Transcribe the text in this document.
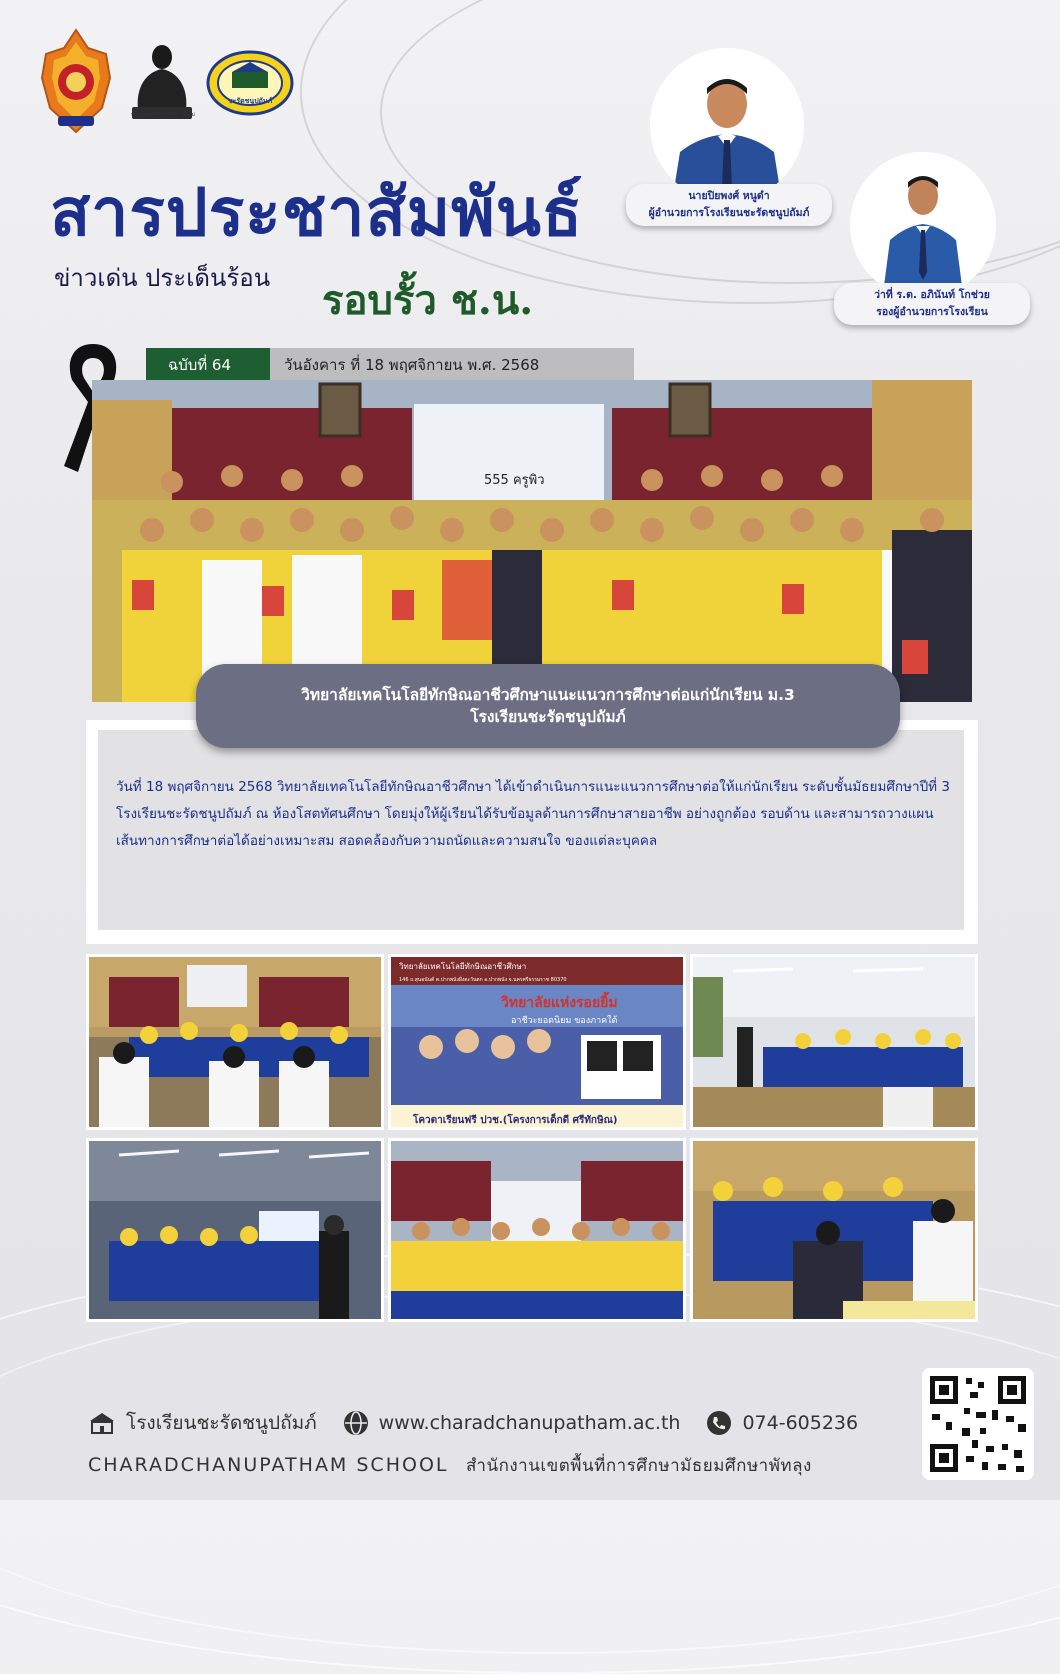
หลวงพ่อสูงสุด ชนะอนุ วัดใหม่
ชะรัดชนูปถัมภ์
สารประชาสัมพันธ์
ข่าวเด่น ประเด็นร้อน รอบรั้ว ช.น.
นายปิยพงศ์ หนูดำ
ผู้อำนวยการโรงเรียนชะรัดชนูปถัมภ์
ว่าที่ ร.ต. อภินันท์ โกช่วย
รองผู้อำนวยการโรงเรียน
ฉบับที่ 64	วันอังคาร ที่ 18 พฤศจิกายน พ.ศ. 2568
555 ครูพิว
วันที่ 18 พฤศจิกายน 2568 วิทยาลัยเทคโนโลยีทักษิณอาชีวศึกษา ได้เข้าดำเนินการแนะแนวการศึกษาต่อให้แก่นักเรียน ระดับชั้นมัธยมศึกษาปีที่ 3 โรงเรียนชะรัดชนูปถัมภ์ ณ ห้องโสตทัศนศึกษา โดยมุ่งให้ผู้เรียนได้รับข้อมูลด้านการศึกษาสายอาชีพ อย่างถูกต้อง รอบด้าน และสามารถวางแผนเส้นทางการศึกษาต่อได้อย่างเหมาะสม สอดคล้องกับความถนัดและความสนใจ ของแต่ละบุคคล
วิทยาลัยเทคโนโลยีทักษิณอาชีวศึกษาแนะแนวการศึกษาต่อแก่นักเรียน ม.3
โรงเรียนชะรัดชนูปถัมภ์
วิทยาลัยเทคโนโลยีทักษิณอาชีวศึกษา
146 ถ.สุนอนันต์ ต.ปากพนังฝั่งตะวันตก อ.ปากพนัง จ.นครศรีธรรมราช 80370
วิทยาลัยแห่งรอยยิ้ม
อาชีวะยอดนิยม ของภาคใต้
โควตาเรียนฟรี ปวช.(โครงการเด็กดี ศรีทักษิณ)
โรงเรียนชะรัดชนูปถัมภ์	www.charadchanupatham.ac.th	074-605236
CHARADCHANUPATHAM SCHOOL สำนักงานเขตพื้นที่การศึกษามัธยมศึกษาพัทลุง
